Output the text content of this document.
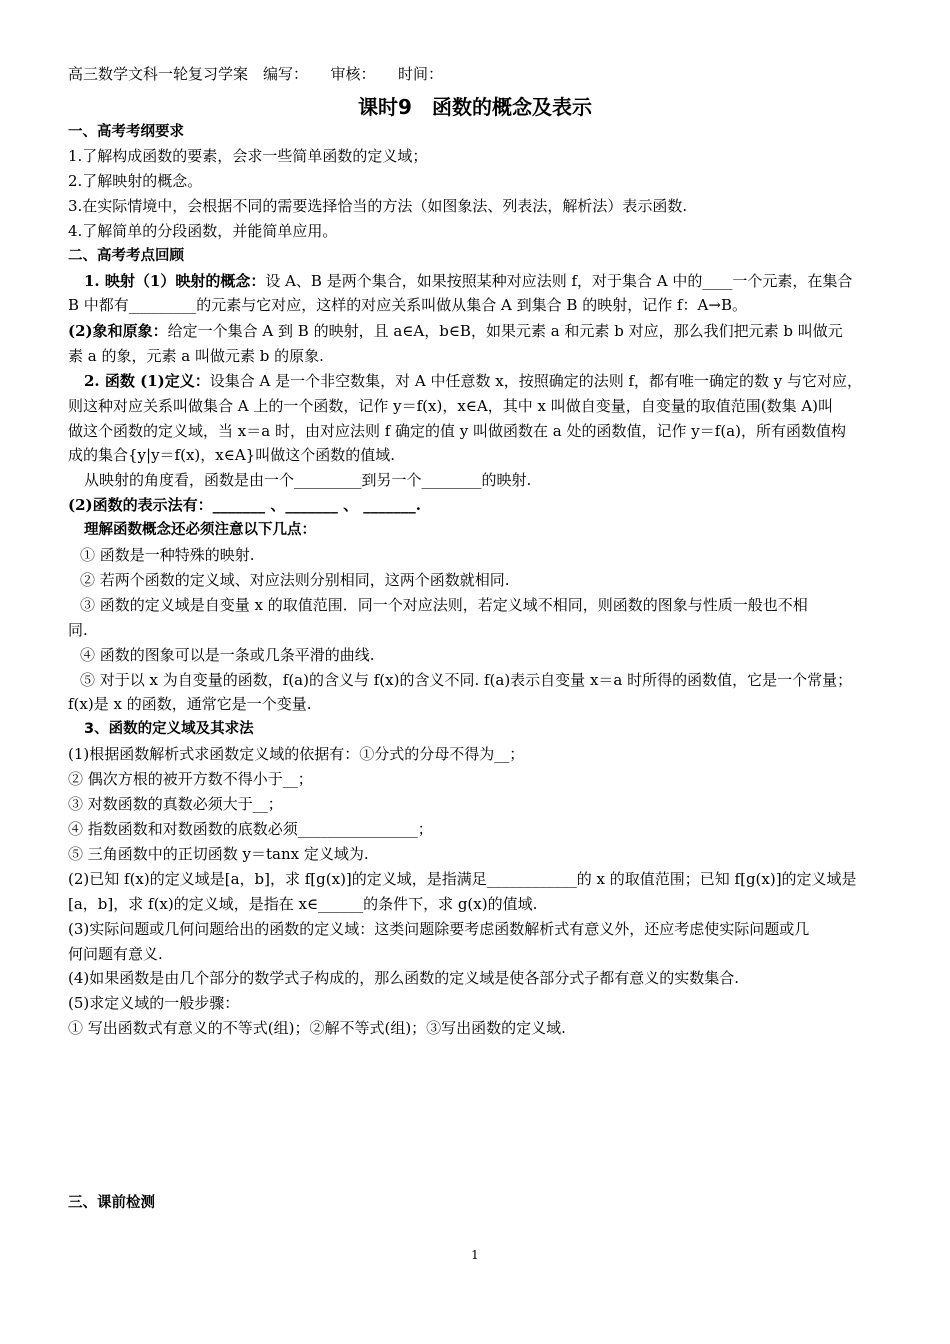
高三数学文科一轮复习学案　编写：　　审核：　　时间：
课时9　函数的概念及表示
一、高考考纲要求
1.了解构成函数的要素，会求一些简单函数的定义域；
2.了解映射的概念。
3.在实际情境中，会根据不同的需要选择恰当的方法（如图象法、列表法，解析法）表示函数.
4.了解简单的分段函数，并能简单应用。
二、高考考点回顾
1. 映射（1）映射的概念：设 A、B 是两个集合，如果按照某种对应法则 f，对于集合 A 中的____一个元素，在集合
B 中都有_________的元素与它对应，这样的对应关系叫做从集合 A 到集合 B 的映射，记作 f：A→B。
(2)象和原象：给定一个集合 A 到 B 的映射，且 a∈A，b∈B，如果元素 a 和元素 b 对应，那么我们把元素 b 叫做元
素 a 的象，元素 a 叫做元素 b 的原象.
2. 函数 (1)定义：设集合 A 是一个非空数集，对 A 中任意数 x，按照确定的法则 f，都有唯一确定的数 y 与它对应，
则这种对应关系叫做集合 A 上的一个函数，记作 y＝f(x)，x∈A，其中 x 叫做自变量，自变量的取值范围(数集 A)叫
做这个函数的定义域，当 x＝a 时，由对应法则 f 确定的值 y 叫做函数在 a 处的函数值，记作 y＝f(a)，所有函数值构
成的集合{y|y＝f(x)，x∈A}叫做这个函数的值域.
从映射的角度看，函数是由一个_________到另一个________的映射.
(2)函数的表示法有：_______ 、_______ 、 _______.
理解函数概念还必须注意以下几点：
① 函数是一种特殊的映射.
② 若两个函数的定义域、对应法则分别相同，这两个函数就相同.
③ 函数的定义域是自变量 x 的取值范围．同一个对应法则，若定义域不相同，则函数的图象与性质一般也不相
同.
④ 函数的图象可以是一条或几条平滑的曲线.
⑤ 对于以 x 为自变量的函数，f(a)的含义与 f(x)的含义不同. f(a)表示自变量 x＝a 时所得的函数值，它是一个常量；
f(x)是 x 的函数，通常它是一个变量.
3、函数的定义域及其求法
(1)根据函数解析式求函数定义域的依据有：①分式的分母不得为__；
② 偶次方根的被开方数不得小于__；
③ 对数函数的真数必须大于__；
④ 指数函数和对数函数的底数必须________________；
⑤ 三角函数中的正切函数 y＝tanx 定义域为.
(2)已知 f(x)的定义域是[a，b]，求 f[g(x)]的定义域，是指满足____________的 x 的取值范围；已知 f[g(x)]的定义域是
[a，b]，求 f(x)的定义域，是指在 x∈______的条件下，求 g(x)的值域.
(3)实际问题或几何问题给出的函数的定义域：这类问题除要考虑函数解析式有意义外，还应考虑使实际问题或几
何问题有意义.
(4)如果函数是由几个部分的数学式子构成的，那么函数的定义域是使各部分式子都有意义的实数集合.
(5)求定义域的一般步骤：
① 写出函数式有意义的不等式(组)；②解不等式(组)；③写出函数的定义域.
三、课前检测
1
